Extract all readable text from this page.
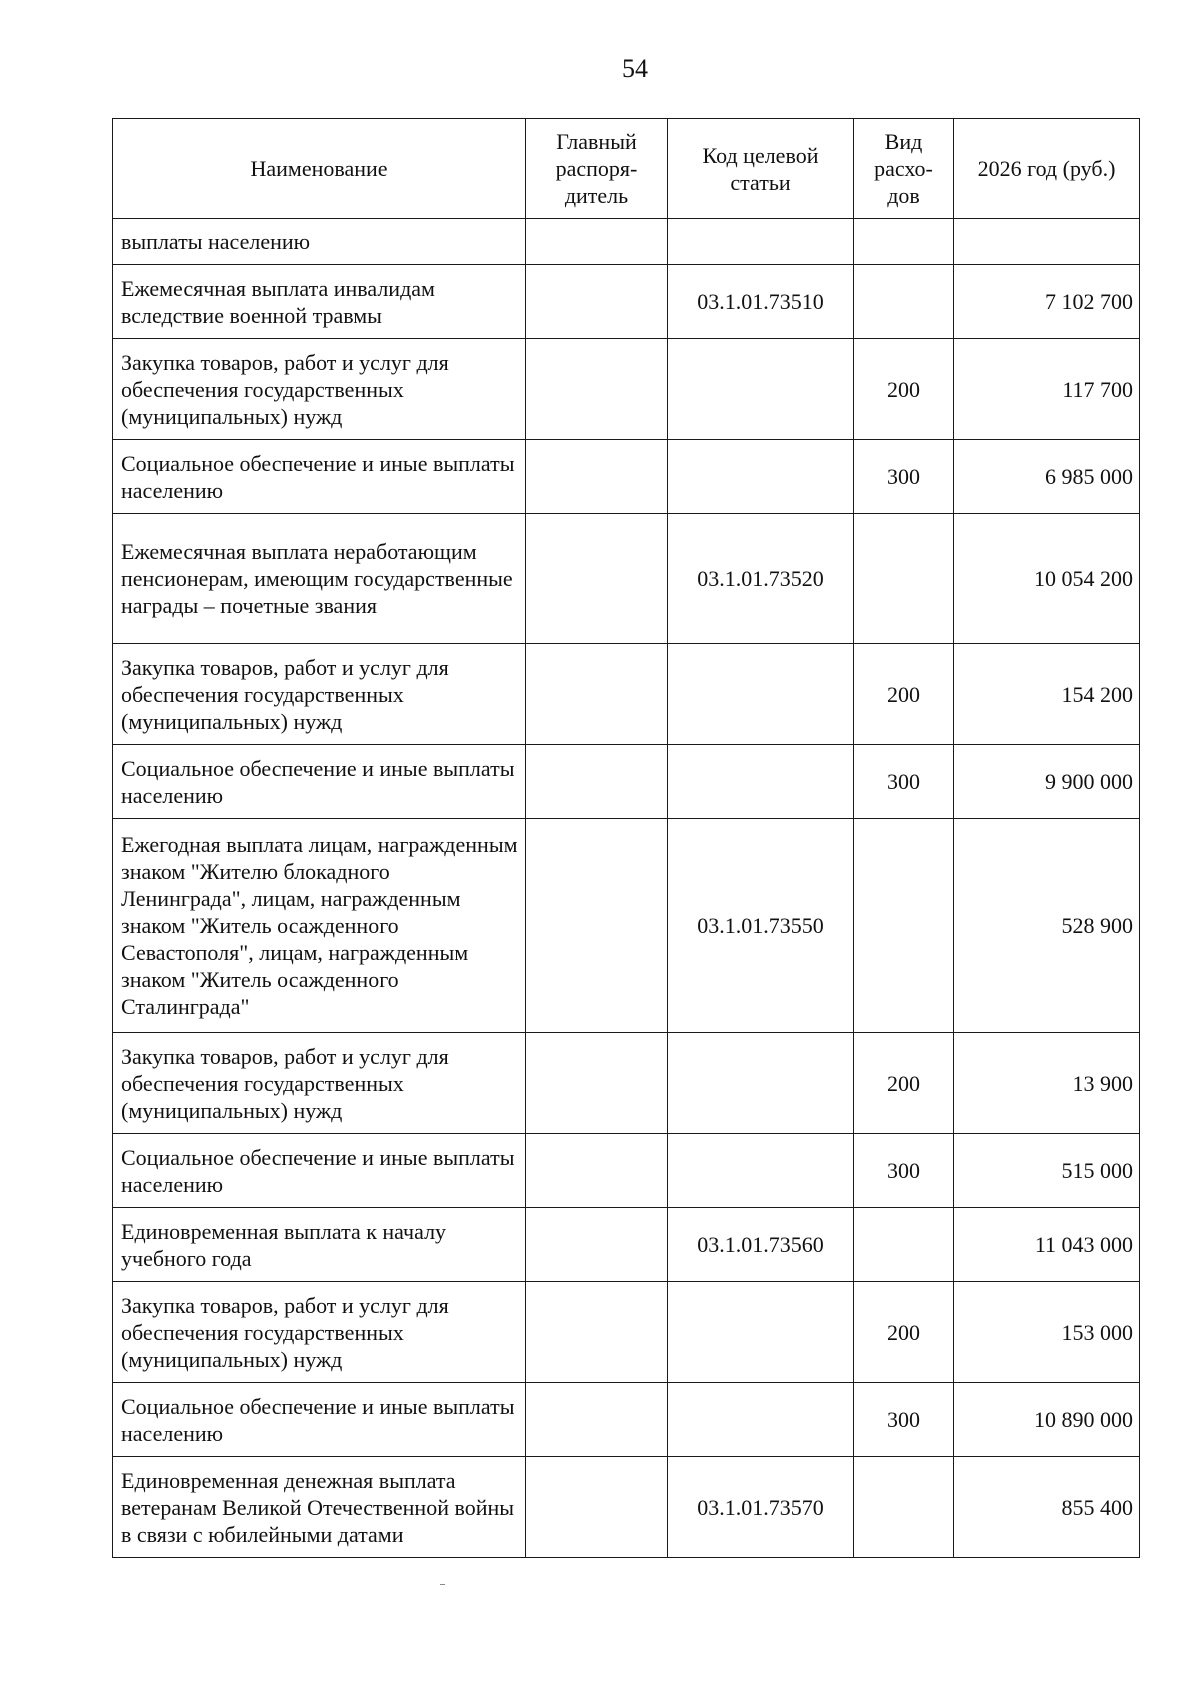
54
Наименование	Главный распоря-дитель	Код целевой статьи	Вид расхо-дов	2026 год (руб.)
выплаты населению				
Ежемесячная выплата инвалидам вследствие военной травмы		03.1.01.73510		7 102 700
Закупка товаров, работ и услуг для обеспечения государственных (муниципальных) нужд			200	117 700
Социальное обеспечение и иные выплаты населению			300	6 985 000
Ежемесячная выплата неработающим пенсионерам, имеющим государственные награды – почетные звания		03.1.01.73520		10 054 200
Закупка товаров, работ и услуг для обеспечения государственных (муниципальных) нужд			200	154 200
Социальное обеспечение и иные выплаты населению			300	9 900 000
Ежегодная выплата лицам, награжденным знаком "Жителю блокадного Ленинграда", лицам, награжденным знаком "Житель осажденного Севастополя", лицам, награжденным знаком "Житель осажденного Сталинграда"		03.1.01.73550		528 900
Закупка товаров, работ и услуг для обеспечения государственных (муниципальных) нужд			200	13 900
Социальное обеспечение и иные выплаты населению			300	515 000
Единовременная выплата к началу учебного года		03.1.01.73560		11 043 000
Закупка товаров, работ и услуг для обеспечения государственных (муниципальных) нужд			200	153 000
Социальное обеспечение и иные выплаты населению			300	10 890 000
Единовременная денежная выплата ветеранам Великой Отечественной войны в связи с юбилейными датами		03.1.01.73570		855 400
